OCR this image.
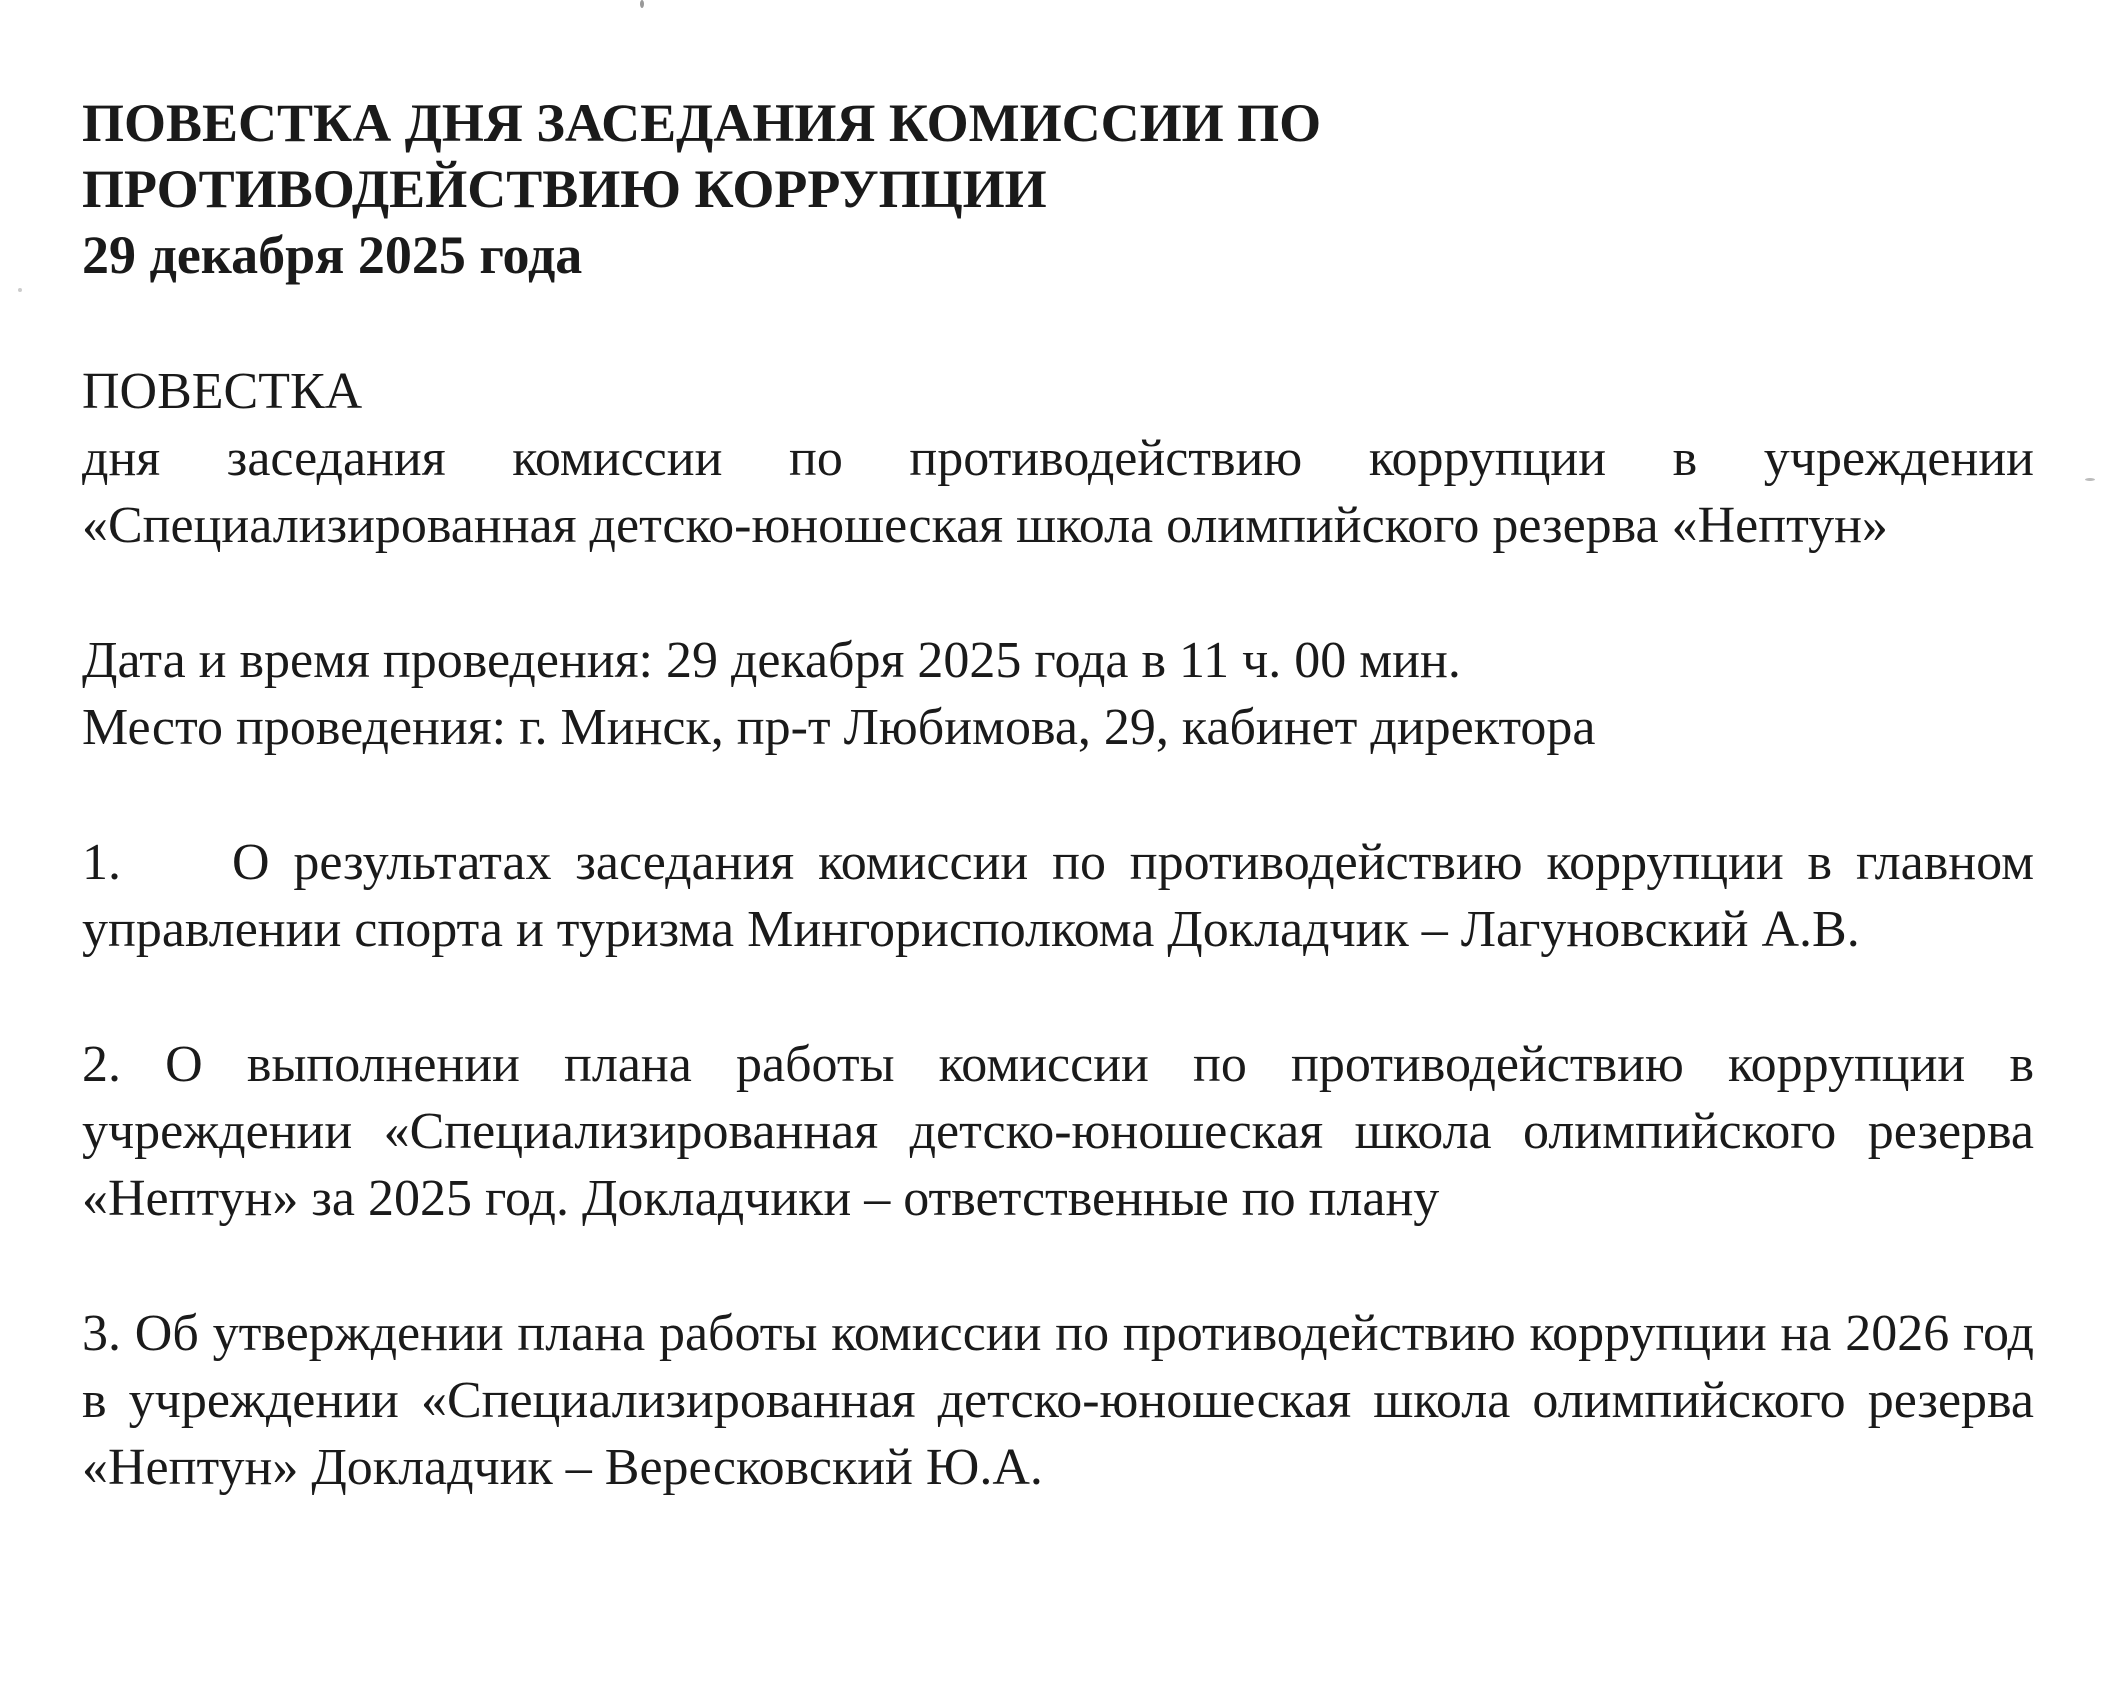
ПОВЕСТКА ДНЯ ЗАСЕДАНИЯ КОМИССИИ ПО
ПРОТИВОДЕЙСТВИЮ КОРРУПЦИИ

29 декабря 2025 года

ПОВЕСТКА

дня заседания комиссии по противодействию коррупции в учреждении «Специализированная детско-юношеская школа олимпийского резерва «Нептун»

Дата и время проведения: 29 декабря 2025 года в 11 ч. 00 мин.

Место проведения: г. Минск, пр-т Любимова, 29, кабинет директора

1. О результатах заседания комиссии по противодействию коррупции в главном управлении спорта и туризма Мингорисполкома Докладчик – Лагуновский А.В.

2. О выполнении плана работы комиссии по противодействию коррупции в учреждении «Специализированная детско-юношеская школа олимпийского резерва «Нептун» за 2025 год. Докладчики – ответственные по плану

3. Об утверждении плана работы комиссии по противодействию коррупции на 2026 год в учреждении «Специализированная детско-юношеская школа олимпийского резерва «Нептун» Докладчик – Вересковский Ю.А.
